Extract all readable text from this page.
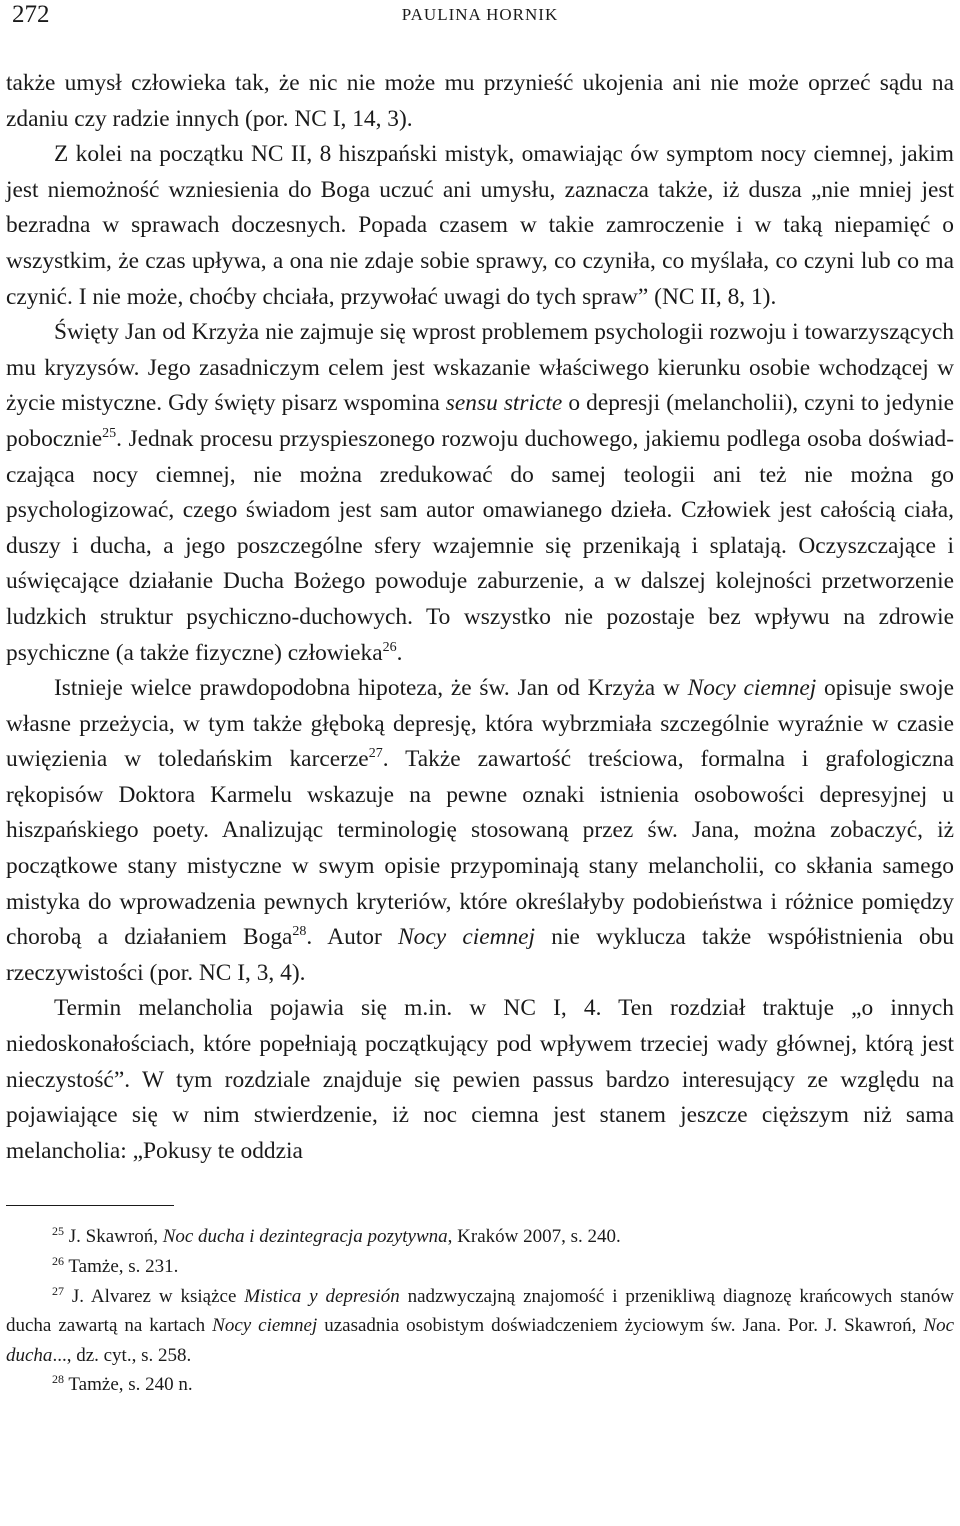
272	PAULINA HORNIK

także umysł człowieka tak, że nic nie może mu przynieść ukojenia ani nie może oprzeć sądu na zdaniu czy radzie innych (por. NC I, 14, 3).

Z kolei na początku NC II, 8 hiszpański mistyk, omawiając ów symptom nocy ciemnej, jakim jest niemożność wzniesienia do Boga uczuć ani umysłu, zaznacza także, iż dusza „nie mniej jest bezradna w sprawach doczesnych. Popada czasem w takie zamroczenie i w taką niepamięć o wszystkim, że czas upływa, a ona nie zdaje sobie sprawy, co czyniła, co myślała, co czyni lub co ma czynić. I nie może, choćby chciała, przywołać uwagi do tych spraw” (NC II, 8, 1).

Święty Jan od Krzyża nie zajmuje się wprost problemem psychologii rozwoju i towarzyszących mu kryzysów. Jego zasadniczym celem jest wskazanie właściwego kierunku osobie wchodzącej w życie mistyczne. Gdy święty pisarz wspomina sensu stricte o depresji (melancholii), czyni to jedynie pobocznie$^{25}$. Jednak procesu przyspieszonego rozwoju duchowego, jakiemu podlega osoba doświadczająca nocy ciemnej, nie można zredukować do samej teologii ani też nie można go psychologizować, czego świadom jest sam autor omawianego dzieła. Człowiek jest całością ciała, duszy i ducha, a jego poszczególne sfery wzajemnie się przenikają i splatają. Oczyszczające i uświęcające działanie Ducha Bożego powoduje zaburzenie, a w dalszej kolejności przetworzenie ludzkich struktur psychiczno-duchowych. To wszystko nie pozostaje bez wpływu na zdrowie psychiczne (a także fizyczne) człowieka$^{26}$.

Istnieje wielce prawdopodobna hipoteza, że św. Jan od Krzyża w Nocy ciemnej opisuje swoje własne przeżycia, w tym także głęboką depresję, która wybrzmiała szczególnie wyraźnie w czasie uwięzienia w toledańskim karcerze$^{27}$. Także zawartość treściowa, formalna i grafologiczna rękopisów Doktora Karmelu wskazuje na pewne oznaki istnienia osobowości depresyjnej u hiszpańskiego poety. Analizując terminologię stosowaną przez św. Jana, można zobaczyć, iż początkowe stany mistyczne w swym opisie przypominają stany melancholii, co skłania samego mistyka do wprowadzenia pewnych kryteriów, które określałyby podobieństwa i różnice pomiędzy chorobą a działaniem Boga$^{28}$. Autor Nocy ciemnej nie wyklucza także współistnienia obu rzeczywistości (por. NC I, 3, 4).

Termin melancholia pojawia się m.in. w NC I, 4. Ten rozdział traktuje „o innych niedoskonałościach, które popełniają początkujący pod wpływem trzeciej wady głównej, którą jest nieczystość”. W tym rozdziale znajduje się pewien passus bardzo interesujący ze względu na pojawiające się w nim stwierdzenie, iż noc ciemna jest stanem jeszcze cięższym niż sama melancholia: „Pokusy te oddzia

$^{25}$ J. Skawroń, Noc ducha i dezintegracja pozytywna, Kraków 2007, s. 240.

$^{26}$ Tamże, s. 231.

$^{27}$ J. Alvarez w książce Mistica y depresión nadzwyczajną znajomość i przenikliwą diagnozę krańcowych stanów ducha zawartą na kartach Nocy ciemnej uzasadnia osobistym doświadczeniem życiowym św. Jana. Por. J. Skawroń, Noc ducha..., dz. cyt., s. 258.

$^{28}$ Tamże, s. 240 n.
